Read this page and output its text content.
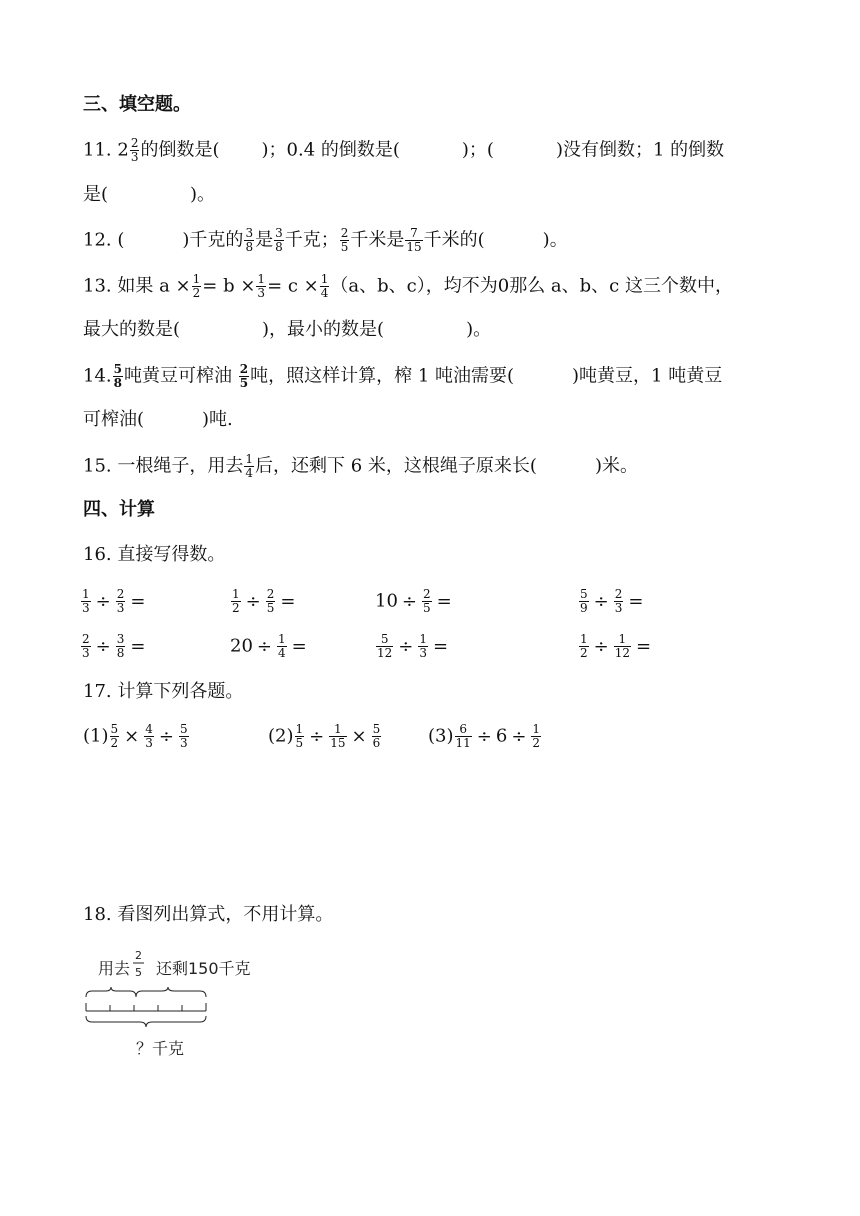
三、填空题。
11. $2 \frac{2}{3}$ 的倒数是( )；0.4 的倒数是(	)；(	)没有倒数；1 的倒数
是(	)。
12. (	)千克的 $\frac{3}{8}$ 是 $\frac{3}{8}$ 千克； $\frac{2}{5}$ 千米是 $\frac{7}{15}$ 千米的(	)。
13. 如果 $a \times \frac{1}{2} = b \times \frac{1}{3} = c \times \frac{1}{4} (a$、b、c），均不为0那么 a、b、c 这三个数中，
最大的数是(	)，最小的数是(	)。
14. $\frac{5}{8}$ 吨黄豆可榨油 $\frac{2}{5}$ 吨，照这样计算，榨 1 吨油需要(	)吨黄豆，1 吨黄豆
可榨油(	)吨.
15. 一根绳子，用去 $\frac{1}{4}$ 后，还剩下 6 米，这根绳子原来长(	)米。
四、计算
16. 直接写得数。
$\frac{1}{3} \div \frac{2}{3}$ =	$\frac{1}{2} \div \frac{2}{5}$ =	$10 \div \frac{2}{5}$ =	$\frac{5}{9} \div \frac{2}{3}$ =
$\frac{2}{3} \div \frac{3}{8}$ =	$20 \div \frac{1}{4}$ =	$\frac{5}{12} \div \frac{1}{3}$ =	$\frac{1}{2} \div \frac{1}{12}$ =
17. 计算下列各题。
$(1) \frac{5}{2} \times \frac{4}{3} \div \frac{5}{3}$	$(2) \frac{1}{5} \div \frac{1}{15} \times \frac{5}{6}$	$(3) \frac{6}{11} \div 6 \div \frac{1}{2}$
18. 看图列出算式，不用计算。
用去
2
5 还剩150千克
？千克
